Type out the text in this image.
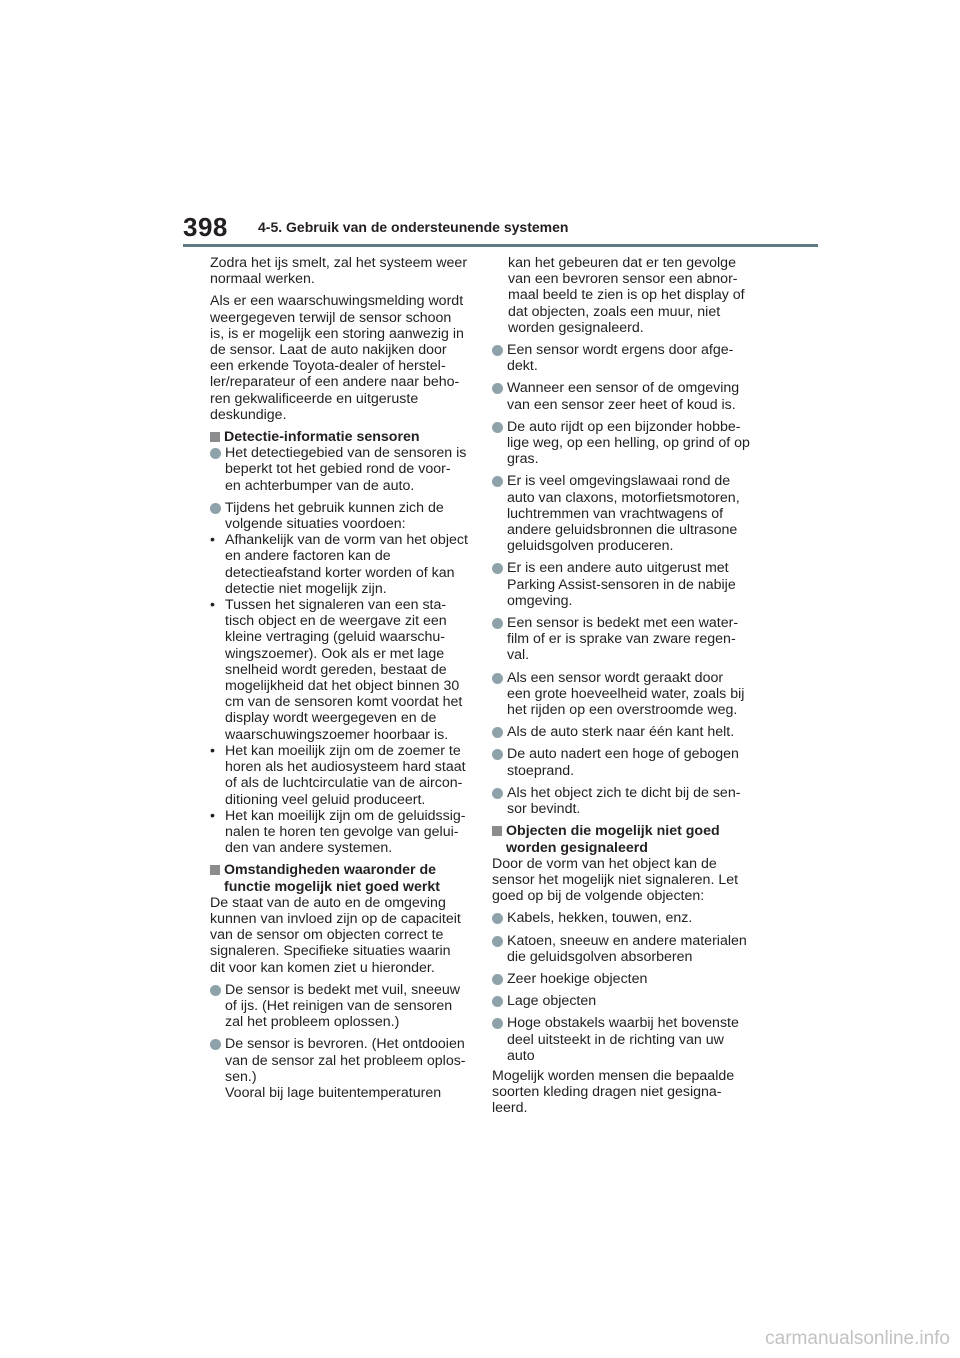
398 4-5. Gebruik van de ondersteunende systemen

Zodra het ijs smelt, zal het systeem weer normaal werken.

Als er een waarschuwingsmelding wordt weergegeven terwijl de sensor schoon is, is er mogelijk een storing aanwezig in de sensor. Laat de auto nakijken door een erkende Toyota-dealer of herstel-ler/reparateur of een andere naar beho-ren gekwalificeerde en uitgeruste deskundige.

Detectie-informatie sensoren
Het detectiegebied van de sensoren is beperkt tot het gebied rond de voor- en achterbumper van de auto.
Tijdens het gebruik kunnen zich de volgende situaties voordoen:
• Afhankelijk van de vorm van het object en andere factoren kan de detectieafstand korter worden of kan detectie niet mogelijk zijn.
• Tussen het signaleren van een sta-tisch object en de weergave zit een kleine vertraging (geluid waarschu-wingszoemer). Ook als er met lage snelheid wordt gereden, bestaat de mogelijkheid dat het object binnen 30 cm van de sensoren komt voordat het display wordt weergegeven en de waarschuwingszoemer hoorbaar is.
• Het kan moeilijk zijn om de zoemer te horen als het audiosysteem hard staat of als de luchtcirculatie van de aircon-ditioning veel geluid produceert.
• Het kan moeilijk zijn om de geluidssig-nalen te horen ten gevolge van gelui-den van andere systemen.
Omstandigheden waaronder de functie mogelijk niet goed werkt

De staat van de auto en de omgeving kunnen van invloed zijn op de capaciteit van de sensor om objecten correct te signaleren. Specifieke situaties waarin dit voor kan komen ziet u hieronder.

De sensor is bedekt met vuil, sneeuw of ijs. (Het reinigen van de sensoren zal het probleem oplossen.)
De sensor is bevroren. (Het ontdooien van de sensor zal het probleem oplos-sen.)
Vooral bij lage buitentemperaturen

kan het gebeuren dat er ten gevolge van een bevroren sensor een abnor-maal beeld te zien is op het display of dat objecten, zoals een muur, niet worden gesignaleerd.

Een sensor wordt ergens door afge-dekt.
Wanneer een sensor of de omgeving van een sensor zeer heet of koud is.
De auto rijdt op een bijzonder hobbe-lige weg, op een helling, op grind of op gras.
Er is veel omgevingslawaai rond de auto van claxons, motorfietsmotoren, luchtremmen van vrachtwagens of andere geluidsbronnen die ultrasone geluidsgolven produceren.
Er is een andere auto uitgerust met Parking Assist-sensoren in de nabije omgeving.
Een sensor is bedekt met een water-film of er is sprake van zware regen-val.
Als een sensor wordt geraakt door een grote hoeveelheid water, zoals bij het rijden op een overstroomde weg.
Als de auto sterk naar één kant helt.
De auto nadert een hoge of gebogen stoeprand.
Als het object zich te dicht bij de sen-sor bevindt.
Objecten die mogelijk niet goed worden gesignaleerd

Door de vorm van het object kan de sensor het mogelijk niet signaleren. Let goed op bij de volgende objecten:

Kabels, hekken, touwen, enz.
Katoen, sneeuw en andere materialen die geluidsgolven absorberen
Zeer hoekige objecten
Lage objecten
Hoge obstakels waarbij het bovenste deel uitsteekt in de richting van uw auto

Mogelijk worden mensen die bepaalde soorten kleding dragen niet gesigna-leerd.

carmanualsonline.info
